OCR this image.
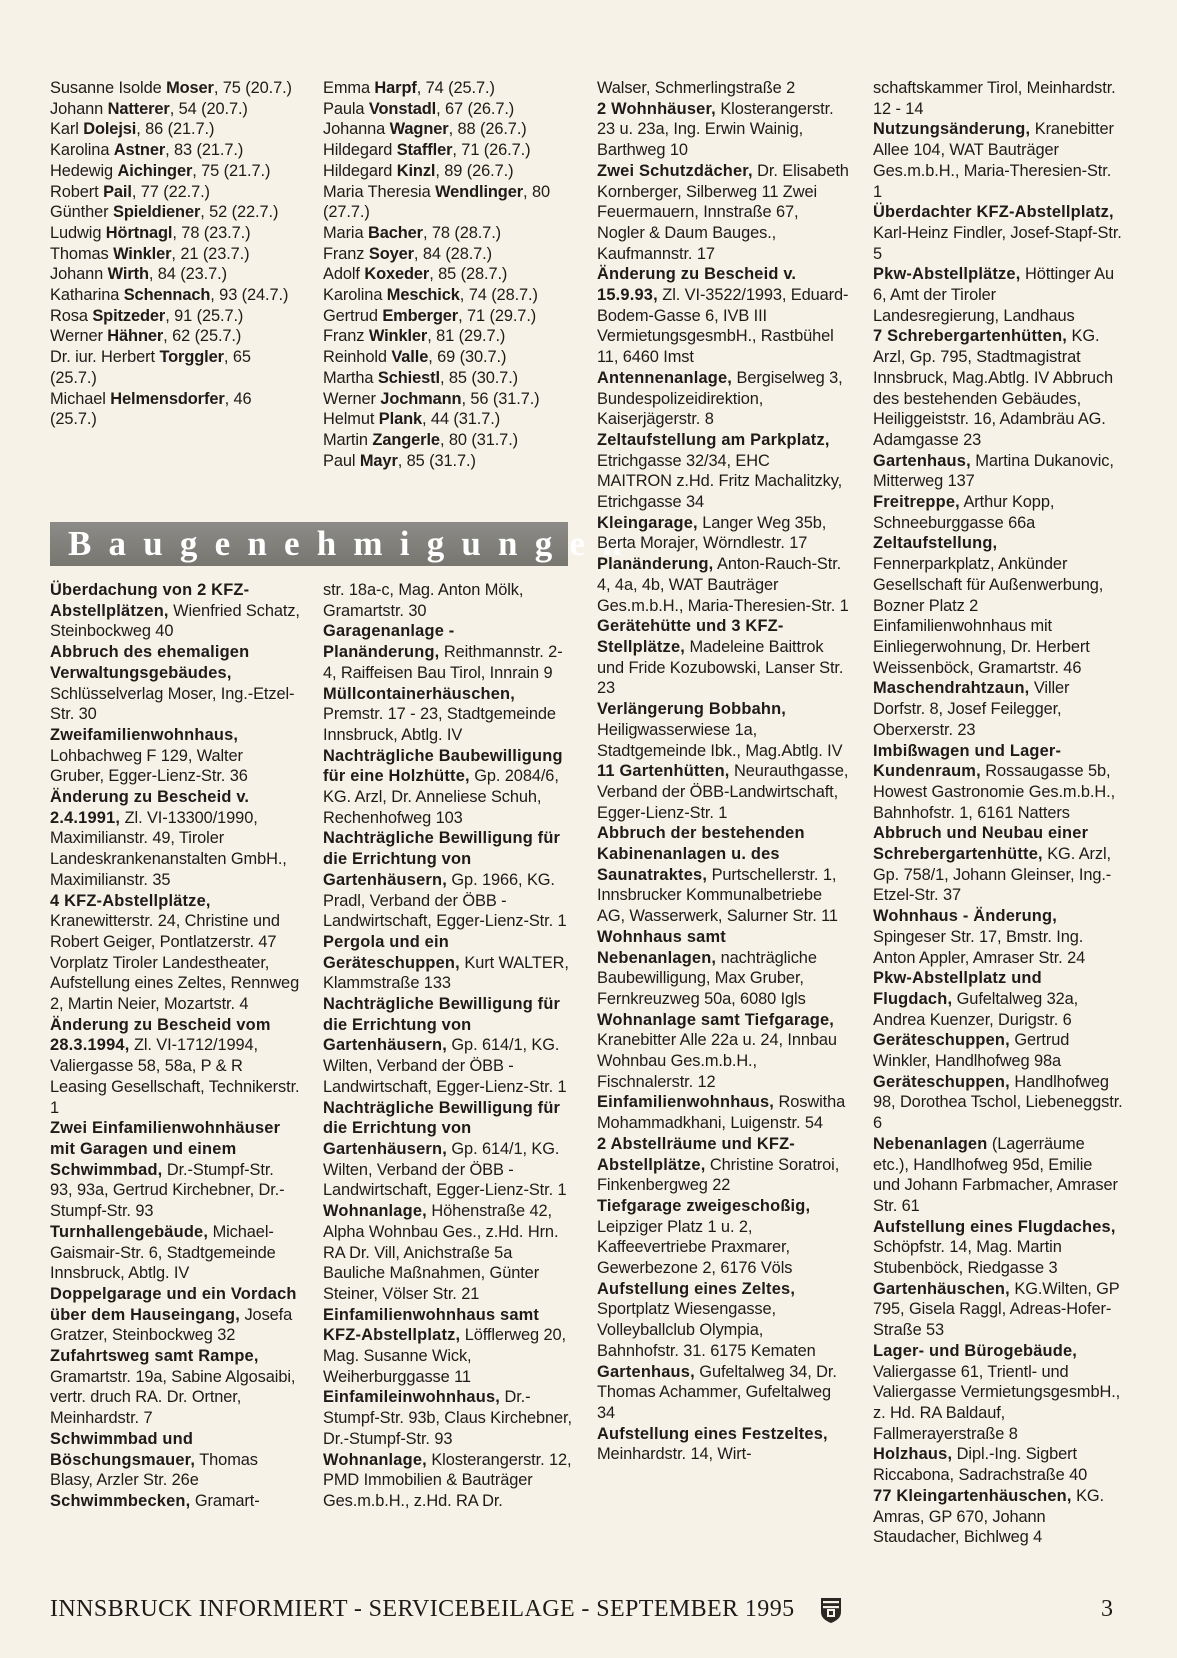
Susanne Isolde Moser, 75 (20.7.)
Johann Natterer, 54 (20.7.)
Karl Dolejsi, 86 (21.7.)
Karolina Astner, 83 (21.7.)
Hedewig Aichinger, 75 (21.7.)
Robert Pail, 77 (22.7.)
Günther Spieldiener, 52 (22.7.)
Ludwig Hörtnagl, 78 (23.7.)
Thomas Winkler, 21 (23.7.)
Johann Wirth, 84 (23.7.)
Katharina Schennach, 93 (24.7.)
Rosa Spitzeder, 91 (25.7.)
Werner Hähner, 62 (25.7.)
Dr. iur. Herbert Torggler, 65 (25.7.)
Michael Helmensdorfer, 46 (25.7.)
Emma Harpf, 74 (25.7.)
Paula Vonstadl, 67 (26.7.)
Johanna Wagner, 88 (26.7.)
Hildegard Staffler, 71 (26.7.)
Hildegard Kinzl, 89 (26.7.)
Maria Theresia Wendlinger, 80 (27.7.)
Maria Bacher, 78 (28.7.)
Franz Soyer, 84 (28.7.)
Adolf Koxeder, 85 (28.7.)
Karolina Meschick, 74 (28.7.)
Gertrud Emberger, 71 (29.7.)
Franz Winkler, 81 (29.7.)
Reinhold Valle, 69 (30.7.)
Martha Schiestl, 85 (30.7.)
Werner Jochmann, 56 (31.7.)
Helmut Plank, 44 (31.7.)
Martin Zangerle, 80 (31.7.)
Paul Mayr, 85 (31.7.)
Baugenehmigungen
Überdachung von 2 KFZ-Abstellplätzen, Wienfried Schatz, Steinbockweg 40
Abbruch des ehemaligen Verwaltungsgebäudes, Schlüsselverlag Moser, Ing.-Etzel-Str. 30
Zweifamilienwohnhaus, Lohbachweg F 129, Walter Gruber, Egger-Lienz-Str. 36
Änderung zu Bescheid v. 2.4.1991, Zl. VI-13300/1990, Maximilianstr. 49, Tiroler Landeskrankenanstalten GmbH., Maximilianstr. 35
4 KFZ-Abstellplätze, Kranewitterstr. 24, Christine und Robert Geiger, Pontlatzerstr. 47 Vorplatz Tiroler Landestheater, Aufstellung eines Zeltes, Rennweg 2, Martin Neier, Mozartstr. 4
Änderung zu Bescheid vom 28.3.1994, Zl. VI-1712/1994, Valiergasse 58, 58a, P & R Leasing Gesellschaft, Technikerstr. 1
Zwei Einfamilienwohnhäuser mit Garagen und einem Schwimmbad, Dr.-Stumpf-Str. 93, 93a, Gertrud Kirchebner, Dr.-Stumpf-Str. 93
Turnhallengebäude, Michael-Gaismair-Str. 6, Stadtgemeinde Innsbruck, Abtlg. IV
Doppelgarage und ein Vordach über dem Hauseingang, Josefa Gratzer, Steinbockweg 32
Zufahrtsweg samt Rampe, Gramartstr. 19a, Sabine Algosaibi, vertr. druch RA. Dr. Ortner, Meinhardstr. 7
Schwimmbad und Böschungsmauer, Thomas Blasy, Arzler Str. 26e
Schwimmbecken, Gramart-
str. 18a-c, Mag. Anton Mölk, Gramartstr. 30
Garagenanlage - Planänderung, Reithmannstr. 2-4, Raiffeisen Bau Tirol, Innrain 9
Müllcontainerhäuschen, Premstr. 17 - 23, Stadtgemeinde Innsbruck, Abtlg. IV
Nachträgliche Baubewilligung für eine Holzhütte, Gp. 2084/6, KG. Arzl, Dr. Anneliese Schuh, Rechenhofweg 103
Nachträgliche Bewilligung für die Errichtung von Gartenhäusern, Gp. 1966, KG. Pradl, Verband der ÖBB - Landwirtschaft, Egger-Lienz-Str. 1
Pergola und ein Geräteschuppen, Kurt WALTER, Klammstraße 133
Nachträgliche Bewilligung für die Errichtung von Gartenhäusern, Gp. 614/1, KG. Wilten, Verband der ÖBB - Landwirtschaft, Egger-Lienz-Str. 1
Nachträgliche Bewilligung für die Errichtung von Gartenhäusern, Gp. 614/1, KG. Wilten, Verband der ÖBB - Landwirtschaft, Egger-Lienz-Str. 1
Wohnanlage, Höhenstraße 42, Alpha Wohnbau Ges., z.Hd. Hrn. RA Dr. Vill, Anichstraße 5a Bauliche Maßnahmen, Günter Steiner, Völser Str. 21
Einfamilienwohnhaus samt KFZ-Abstellplatz, Löfflerweg 20, Mag. Susanne Wick, Weiherburggasse 11
Einfamileinwohnhaus, Dr.-Stumpf-Str. 93b, Claus Kirchebner, Dr.-Stumpf-Str. 93
Wohnanlage, Klosterangerstr. 12, PMD Immobilien & Bauträger Ges.m.b.H., z.Hd. RA Dr.
Walser, Schmerlingstraße 2
2 Wohnhäuser, Klosterangerstr. 23 u. 23a, Ing. Erwin Wainig, Barthweg 10
Zwei Schutzdächer, Dr. Elisabeth Kornberger, Silberweg 11 Zwei Feuermauern, Innstraße 67, Nogler & Daum Bauges., Kaufmannstr. 17
Änderung zu Bescheid v. 15.9.93, Zl. VI-3522/1993, Eduard-Bodem-Gasse 6, IVB III VermietungsgesmbH., Rastbühel 11, 6460 Imst
Antennenanlage, Bergiselweg 3, Bundespolizeidirektion, Kaiserjägerstr. 8
Zeltaufstellung am Parkplatz, Etrichgasse 32/34, EHC MAITRON z.Hd. Fritz Machalitzky, Etrichgasse 34
Kleingarage, Langer Weg 35b, Berta Morajer, Wörndlestr. 17
Planänderung, Anton-Rauch-Str. 4, 4a, 4b, WAT Bauträger Ges.m.b.H., Maria-Theresien-Str. 1
Gerätehütte und 3 KFZ-Stellplätze, Madeleine Baittrok und Fride Kozubowski, Lanser Str. 23
Verlängerung Bobbahn, Heiligwasserwiese 1a, Stadtgemeinde Ibk., Mag.Abtlg. IV
11 Gartenhütten, Neurauthgasse, Verband der ÖBB-Landwirtschaft, Egger-Lienz-Str. 1
Abbruch der bestehenden Kabinenanlagen u. des Saunatraktes, Purtschellerstr. 1, Innsbrucker Kommunalbetriebe AG, Wasserwerk, Salurner Str. 11
Wohnhaus samt Nebenanlagen, nachträgliche Baubewilligung, Max Gruber, Fernkreuzweg 50a, 6080 Igls
Wohnanlage samt Tiefgarage, Kranebitter Alle 22a u. 24, Innbau Wohnbau Ges.m.b.H., Fischnalerstr. 12
Einfamilienwohnhaus, Roswitha Mohammadkhani, Luigenstr. 54
2 Abstellräume und KFZ-Abstellplätze, Christine Soratroi, Finkenbergweg 22
Tiefgarage zweigeschoßig, Leipziger Platz 1 u. 2, Kaffeevertriebe Praxmarer, Gewerbezone 2, 6176 Völs
Aufstellung eines Zeltes, Sportplatz Wiesengasse, Volleyballclub Olympia, Bahnhofstr. 31. 6175 Kematen
Gartenhaus, Gufeltalweg 34, Dr. Thomas Achammer, Gufeltalweg 34
Aufstellung eines Festzeltes, Meinhardstr. 14, Wirt-
schaftskammer Tirol, Meinhardstr. 12 - 14
Nutzungsänderung, Kranebitter Allee 104, WAT Bauträger Ges.m.b.H., Maria-Theresien-Str. 1
Überdachter KFZ-Abstellplatz, Karl-Heinz Findler, Josef-Stapf-Str. 5
Pkw-Abstellplätze, Höttinger Au 6, Amt der Tiroler Landesregierung, Landhaus
7 Schrebergartenhütten, KG. Arzl, Gp. 795, Stadtmagistrat Innsbruck, Mag.Abtlg. IV Abbruch des bestehenden Gebäudes, Heiliggeiststr. 16, Adambräu AG. Adamgasse 23
Gartenhaus, Martina Dukanovic, Mitterweg 137
Freitreppe, Arthur Kopp, Schneeburggasse 66a
Zeltaufstellung, Fennerparkplatz, Ankünder Gesellschaft für Außenwerbung, Bozner Platz 2 Einfamilienwohnhaus mit Einliegerwohnung, Dr. Herbert Weissenböck, Gramartstr. 46
Maschendrahtzaun, Viller Dorfstr. 8, Josef Feilegger, Oberxerstr. 23
Imbißwagen und Lager-Kundenraum, Rossaugasse 5b, Howest Gastronomie Ges.m.b.H., Bahnhofstr. 1, 6161 Natters
Abbruch und Neubau einer Schrebergartenhütte, KG. Arzl, Gp. 758/1, Johann Gleinser, Ing.-Etzel-Str. 37
Wohnhaus - Änderung, Spingeser Str. 17, Bmstr. Ing. Anton Appler, Amraser Str. 24
Pkw-Abstellplatz und Flugdach, Gufeltalweg 32a, Andrea Kuenzer, Durigstr. 6
Geräteschuppen, Gertrud Winkler, Handlhofweg 98a
Geräteschuppen, Handlhofweg 98, Dorothea Tschol, Liebeneggstr. 6
Nebenanlagen (Lagerräume etc.), Handlhofweg 95d, Emilie und Johann Farbmacher, Amraser Str. 61
Aufstellung eines Flugdaches, Schöpfstr. 14, Mag. Martin Stubenböck, Riedgasse 3
Gartenhäuschen, KG.Wilten, GP 795, Gisela Raggl, Adreas-Hofer-Straße 53
Lager- und Bürogebäude, Valiergasse 61, Trientl- und Valiergasse VermietungsgesmbH., z. Hd. RA Baldauf, Fallmerayerstraße 8
Holzhaus, Dipl.-Ing. Sigbert Riccabona, Sadrachstraße 40
77 Kleingartenhäuschen, KG. Amras, GP 670, Johann Staudacher, Bichlweg 4
INNSBRUCK INFORMIERT - SERVICEBEILAGE - SEPTEMBER 1995	3
